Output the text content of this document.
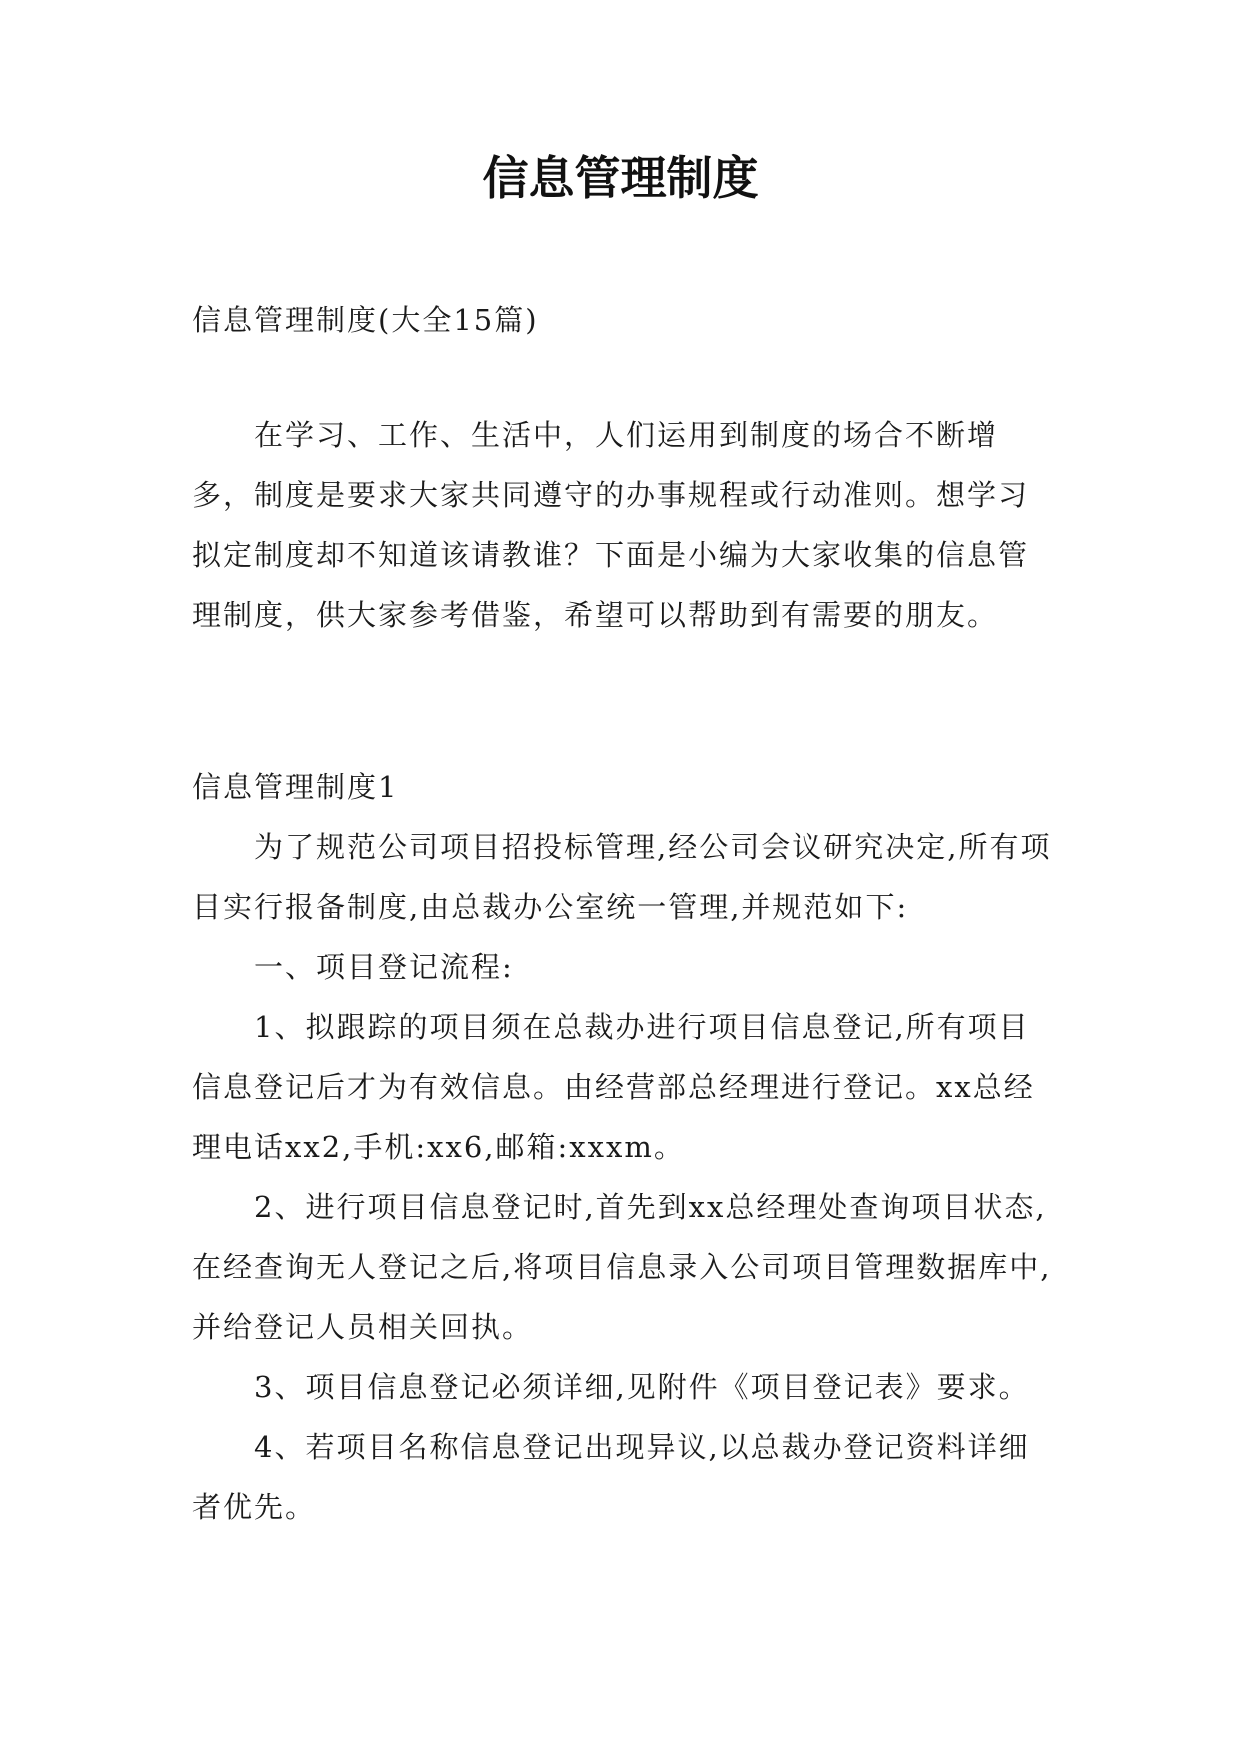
信息管理制度

信息管理制度(大全15篇)

在学习、工作、生活中，人们运用到制度的场合不断增多，制度是要求大家共同遵守的办事规程或行动准则。想学习拟定制度却不知道该请教谁？下面是小编为大家收集的信息管理制度，供大家参考借鉴，希望可以帮助到有需要的朋友。

信息管理制度1

为了规范公司项目招投标管理,经公司会议研究决定,所有项目实行报备制度,由总裁办公室统一管理,并规范如下:

一、项目登记流程:

1、拟跟踪的项目须在总裁办进行项目信息登记,所有项目信息登记后才为有效信息。由经营部总经理进行登记。xx总经理电话xx2,手机:xx6,邮箱:xxxm。

2、进行项目信息登记时,首先到xx总经理处查询项目状态,在经查询无人登记之后,将项目信息录入公司项目管理数据库中,并给登记人员相关回执。

3、项目信息登记必须详细,见附件《项目登记表》要求。

4、若项目名称信息登记出现异议,以总裁办登记资料详细者优先。
